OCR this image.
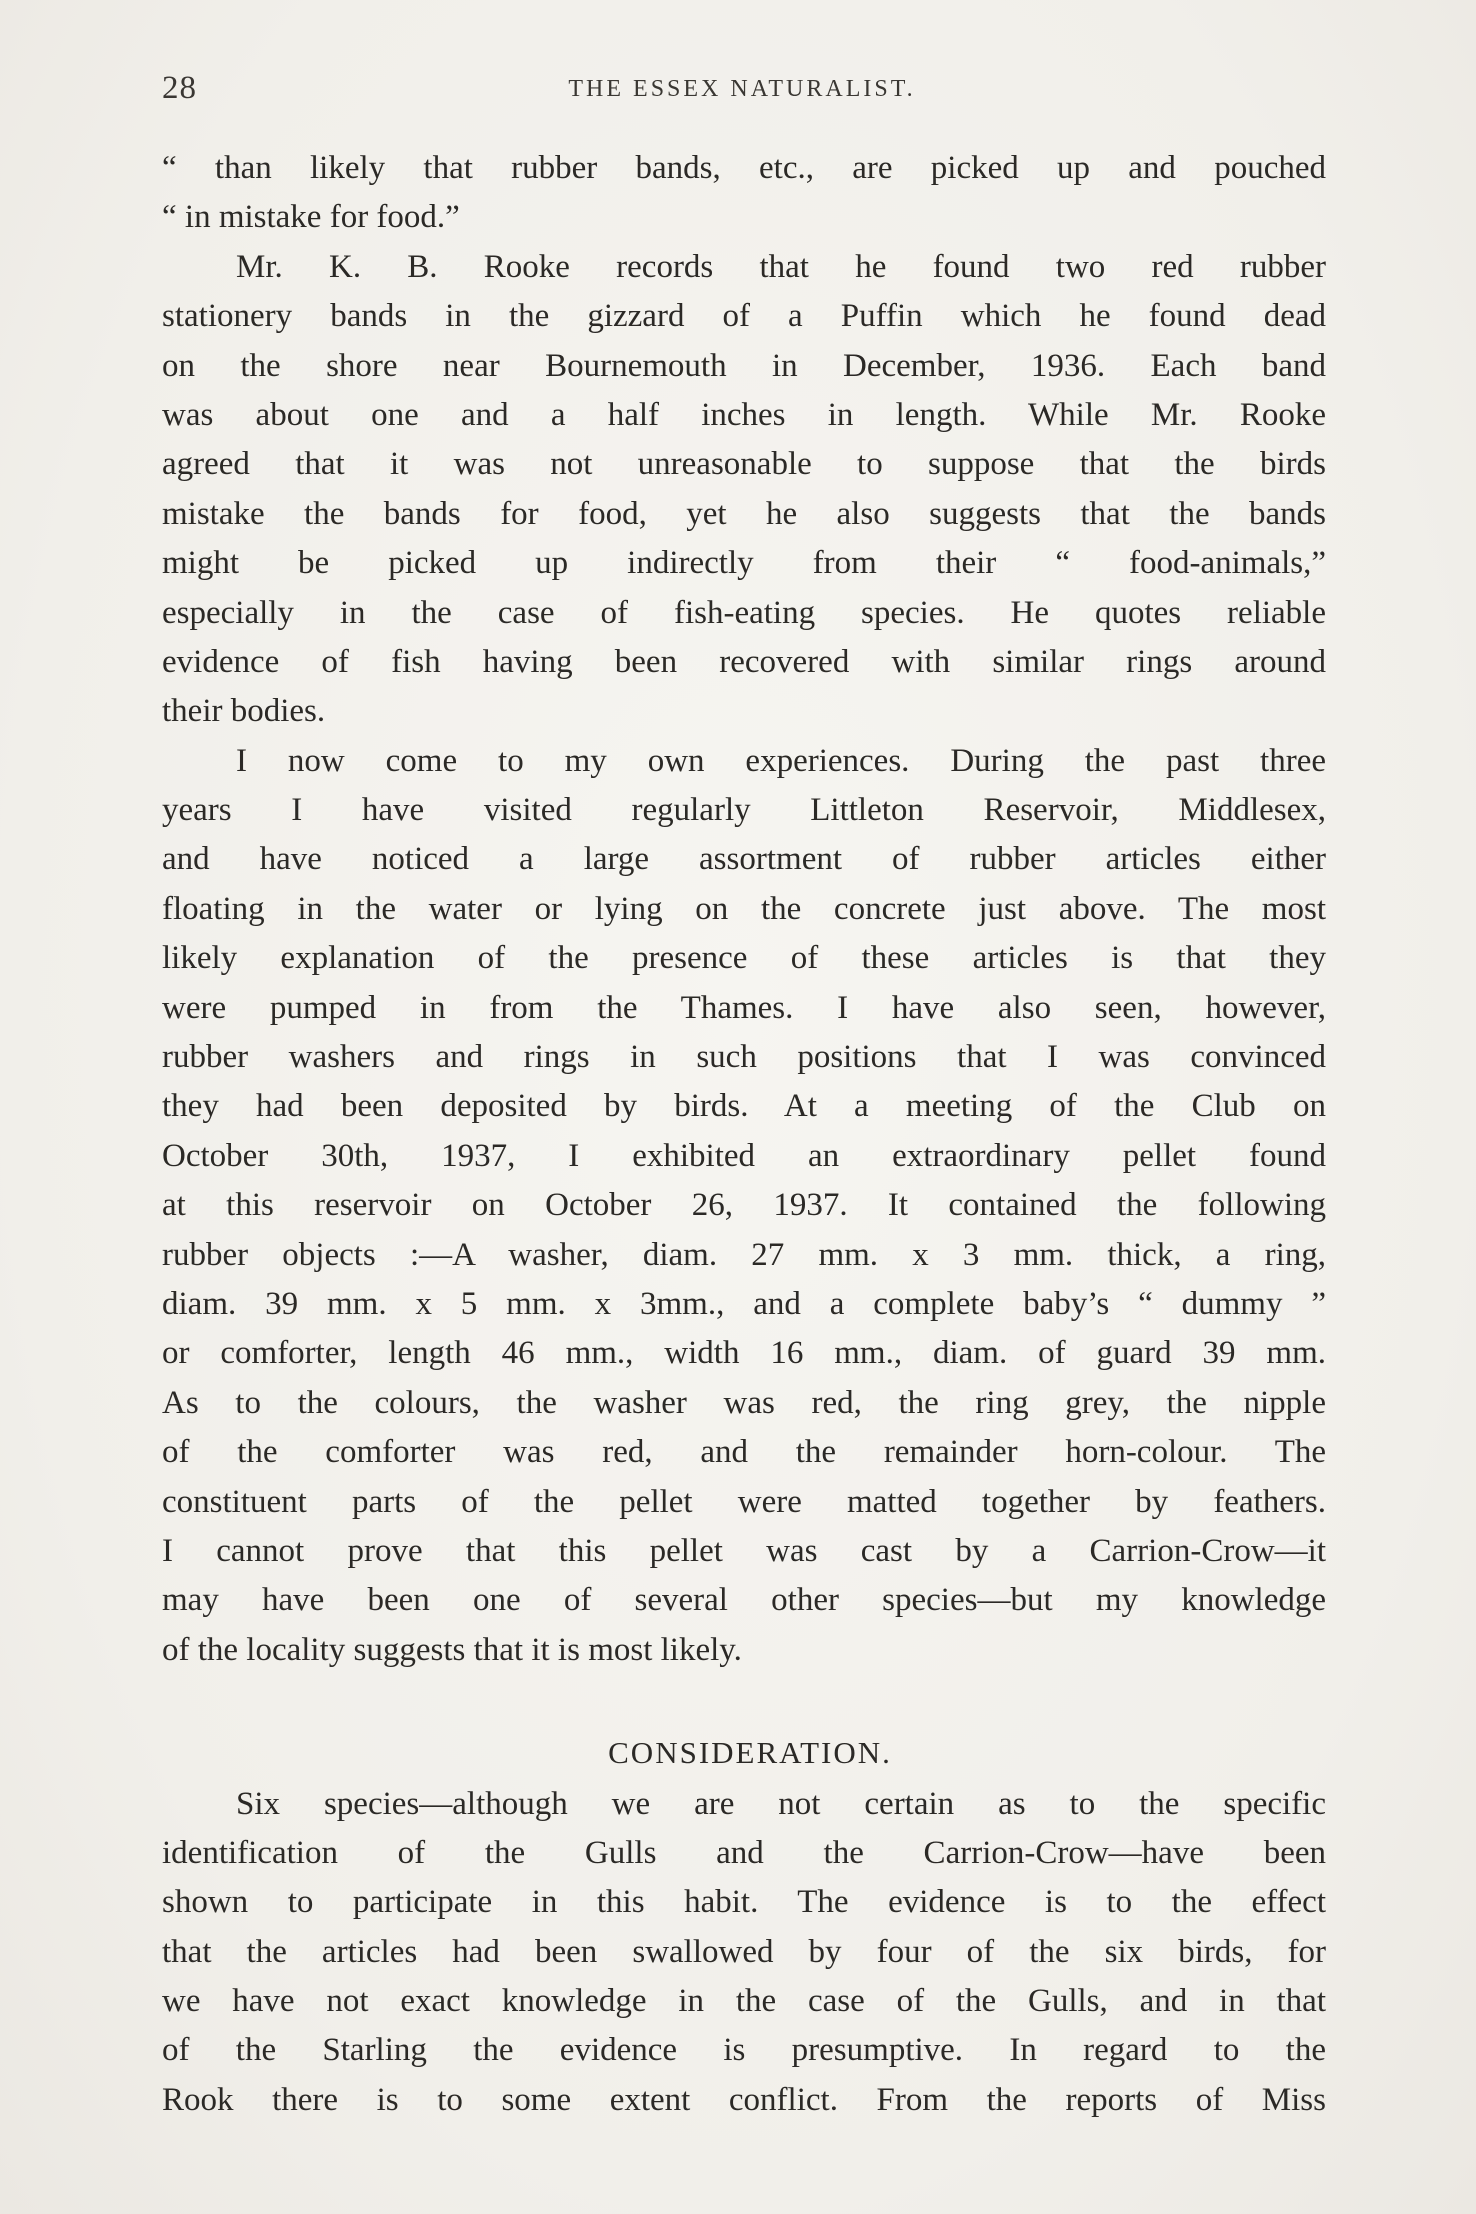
28	THE ESSEX NATURALIST.
“ than likely that rubber bands, etc., are picked up and pouched
“ in mistake for food.”
Mr. K. B. Rooke records that he found two red rubber
stationery bands in the gizzard of a Puffin which he found dead
on the shore near Bournemouth in December, 1936. Each band
was about one and a half inches in length. While Mr. Rooke
agreed that it was not unreasonable to suppose that the birds
mistake the bands for food, yet he also suggests that the bands
might be picked up indirectly from their “ food-animals,”
especially in the case of fish-eating species. He quotes reliable
evidence of fish having been recovered with similar rings around
their bodies.
I now come to my own experiences. During the past three
years I have visited regularly Littleton Reservoir, Middlesex,
and have noticed a large assortment of rubber articles either
floating in the water or lying on the concrete just above. The most
likely explanation of the presence of these articles is that they
were pumped in from the Thames. I have also seen, however,
rubber washers and rings in such positions that I was convinced
they had been deposited by birds. At a meeting of the Club on
October 30th, 1937, I exhibited an extraordinary pellet found
at this reservoir on October 26, 1937. It contained the following
rubber objects :—A washer, diam. 27 mm. x 3 mm. thick, a ring,
diam. 39 mm. x 5 mm. x 3mm., and a complete baby’s “ dummy ”
or comforter, length 46 mm., width 16 mm., diam. of guard 39 mm.
As to the colours, the washer was red, the ring grey, the nipple
of the comforter was red, and the remainder horn-colour. The
constituent parts of the pellet were matted together by feathers.
I cannot prove that this pellet was cast by a Carrion-Crow—it
may have been one of several other species—but my knowledge
of the locality suggests that it is most likely.
CONSIDERATION.
Six species—although we are not certain as to the specific
identification of the Gulls and the Carrion-Crow—have been
shown to participate in this habit. The evidence is to the effect
that the articles had been swallowed by four of the six birds, for
we have not exact knowledge in the case of the Gulls, and in that
of the Starling the evidence is presumptive. In regard to the
Rook there is to some extent conflict. From the reports of Miss
